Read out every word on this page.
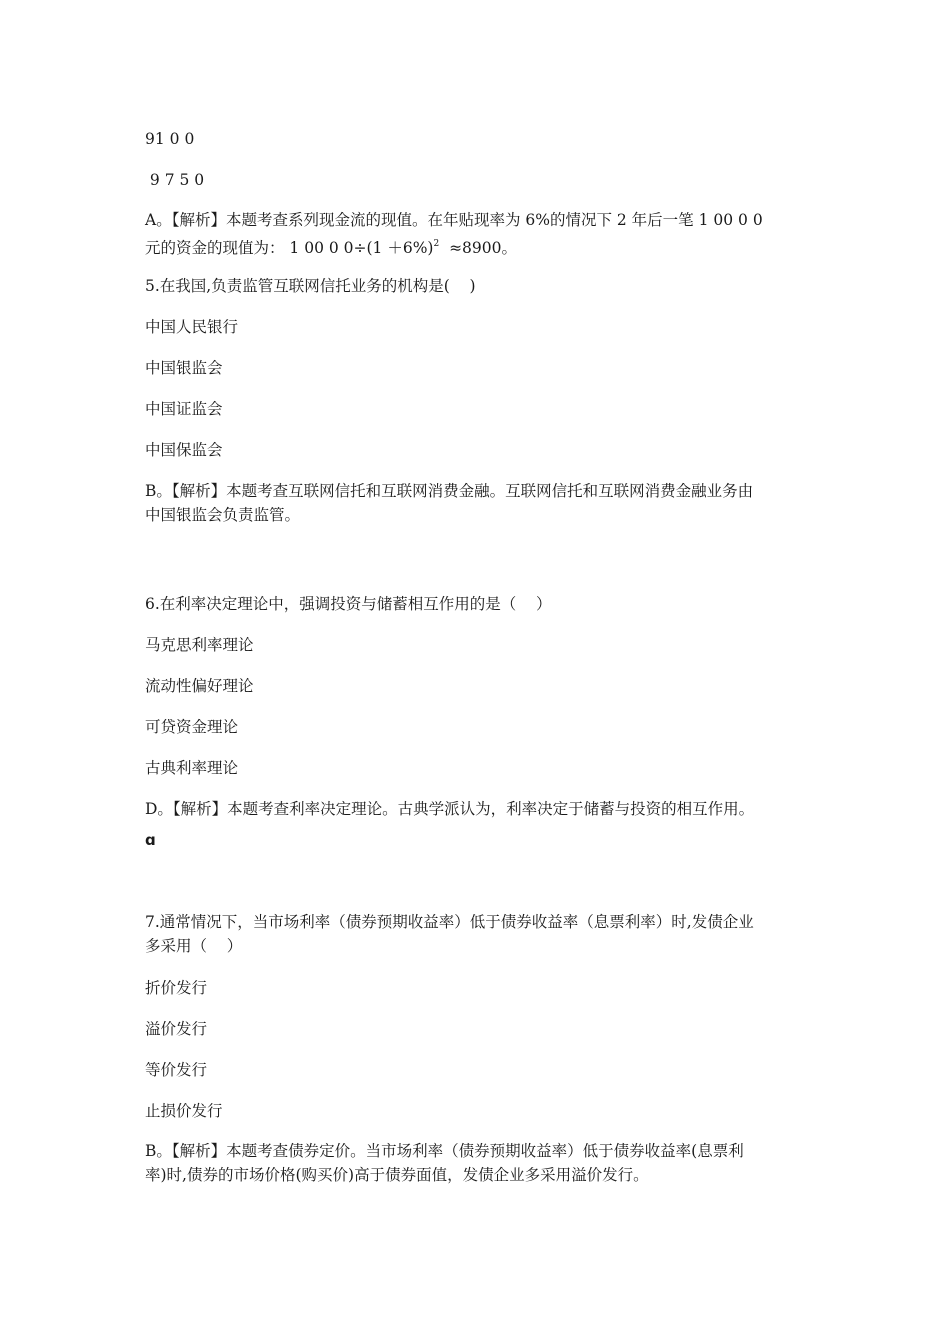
91 0 0
9 7 5 0
A。【解析】本题考查系列现金流的现值。在年贴现率为 6%的情况下 2 年后一笔 1 00 0 0
元的资金的现值为： 1 00 0 $0\div(1 +6\%)^2 \approx 8900$。
5.在我国,负责监管互联网信托业务的机构是(    )
中国人民银行
中国银监会
中国证监会
中国保监会
B。【解析】本题考查互联网信托和互联网消费金融。互联网信托和互联网消费金融业务由
中国银监会负责监管。
6.在利率决定理论中，强调投资与储蓄相互作用的是（    ）
马克思利率理论
流动性偏好理论
可贷资金理论
古典利率理论
D。【解析】本题考查利率决定理论。古典学派认为，利率决定于储蓄与投资的相互作用。
ɑ
7.通常情况下，当市场利率（债券预期收益率）低于债券收益率（息票利率）时,发债企业
多采用（    ）
折价发行
溢价发行
等价发行
止损价发行
B。【解析】本题考查债券定价。当市场利率（债券预期收益率）低于债券收益率(息票利
率)时,债券的市场价格(购买价)高于债券面值，发债企业多采用溢价发行。
